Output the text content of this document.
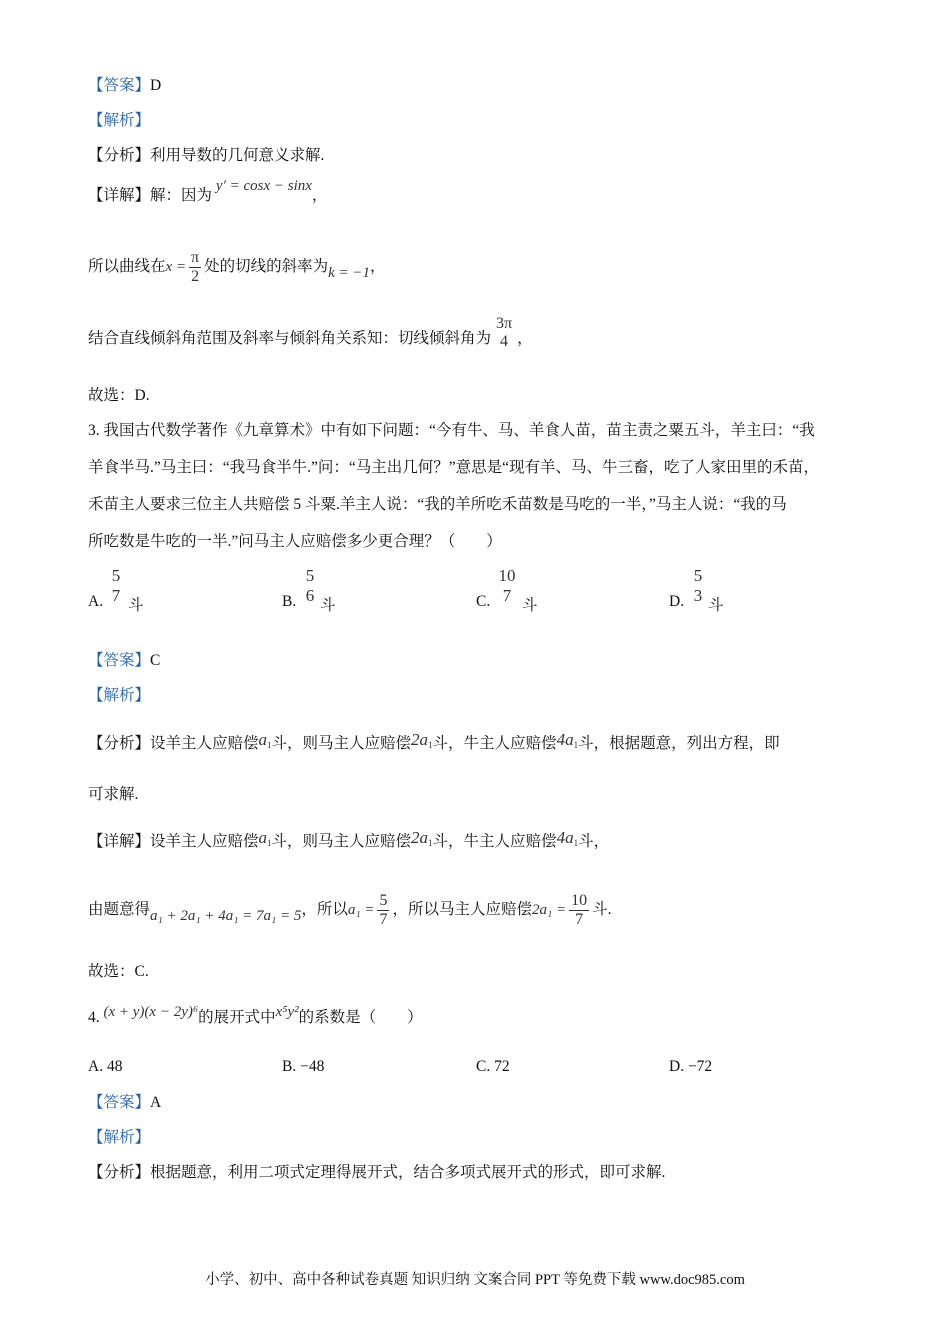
【答案】D
【解析】
【分析】利用导数的几何意义求解.
【详解】解：因为 y′ = cosx − sinx，
所以曲线在$x = \frac{\pi}{2}$ 处的切线的斜率为k = −1，
结合直线倾斜角范围及斜率与倾斜角关系知：切线倾斜角为
3π
4 ，
故选：D.
3. 我国古代数学著作《九章算术》中有如下问题：“今有牛、马、羊食人苗，苗主责之粟五斗，羊主曰：“我
羊食半马.”马主曰：“我马食半牛.”问：“马主出几何？”意思是“现有羊、马、牛三畜，吃了人家田里的禾苗，
禾苗主人要求三位主人共赔偿 5 斗粟.羊主人说：“我的羊所吃禾苗数是马吃的一半，”马主人说：“我的马
所吃数是牛吃的一半.”问马主人应赔偿多少更合理？（　　）
A.
5
7
斗	B.
5
6
斗	C.
10
7
斗	D.
5
3
斗
【答案】C
【解析】
【分析】设羊主人应赔偿$a_1$斗，则马主人应赔偿$2a_1$斗，牛主人应赔偿$4a_1$斗，根据题意，列出方程，即
可求解.
【详解】设羊主人应赔偿$a_1$斗，则马主人应赔偿$2a_1$斗，牛主人应赔偿$4a_1$斗，
由题意得a₁ + 2a₁ + 4a₁ = 7a₁ = 5，所以$a_1 = \frac{5}{7}$ ，所以马主人应赔偿$2a_1 = \frac{10}{7}$ 斗.
故选：C.
4. (x + y)(x − 2y)⁶的展开式中x⁵y²的系数是（　　）
A. 48	B. −48	C. 72	D. −72
【答案】A
【解析】
【分析】根据题意，利用二项式定理得展开式，结合多项式展开式的形式，即可求解.
小学、初中、高中各种试卷真题 知识归纳 文案合同 PPT 等免费下载 www.doc985.com
